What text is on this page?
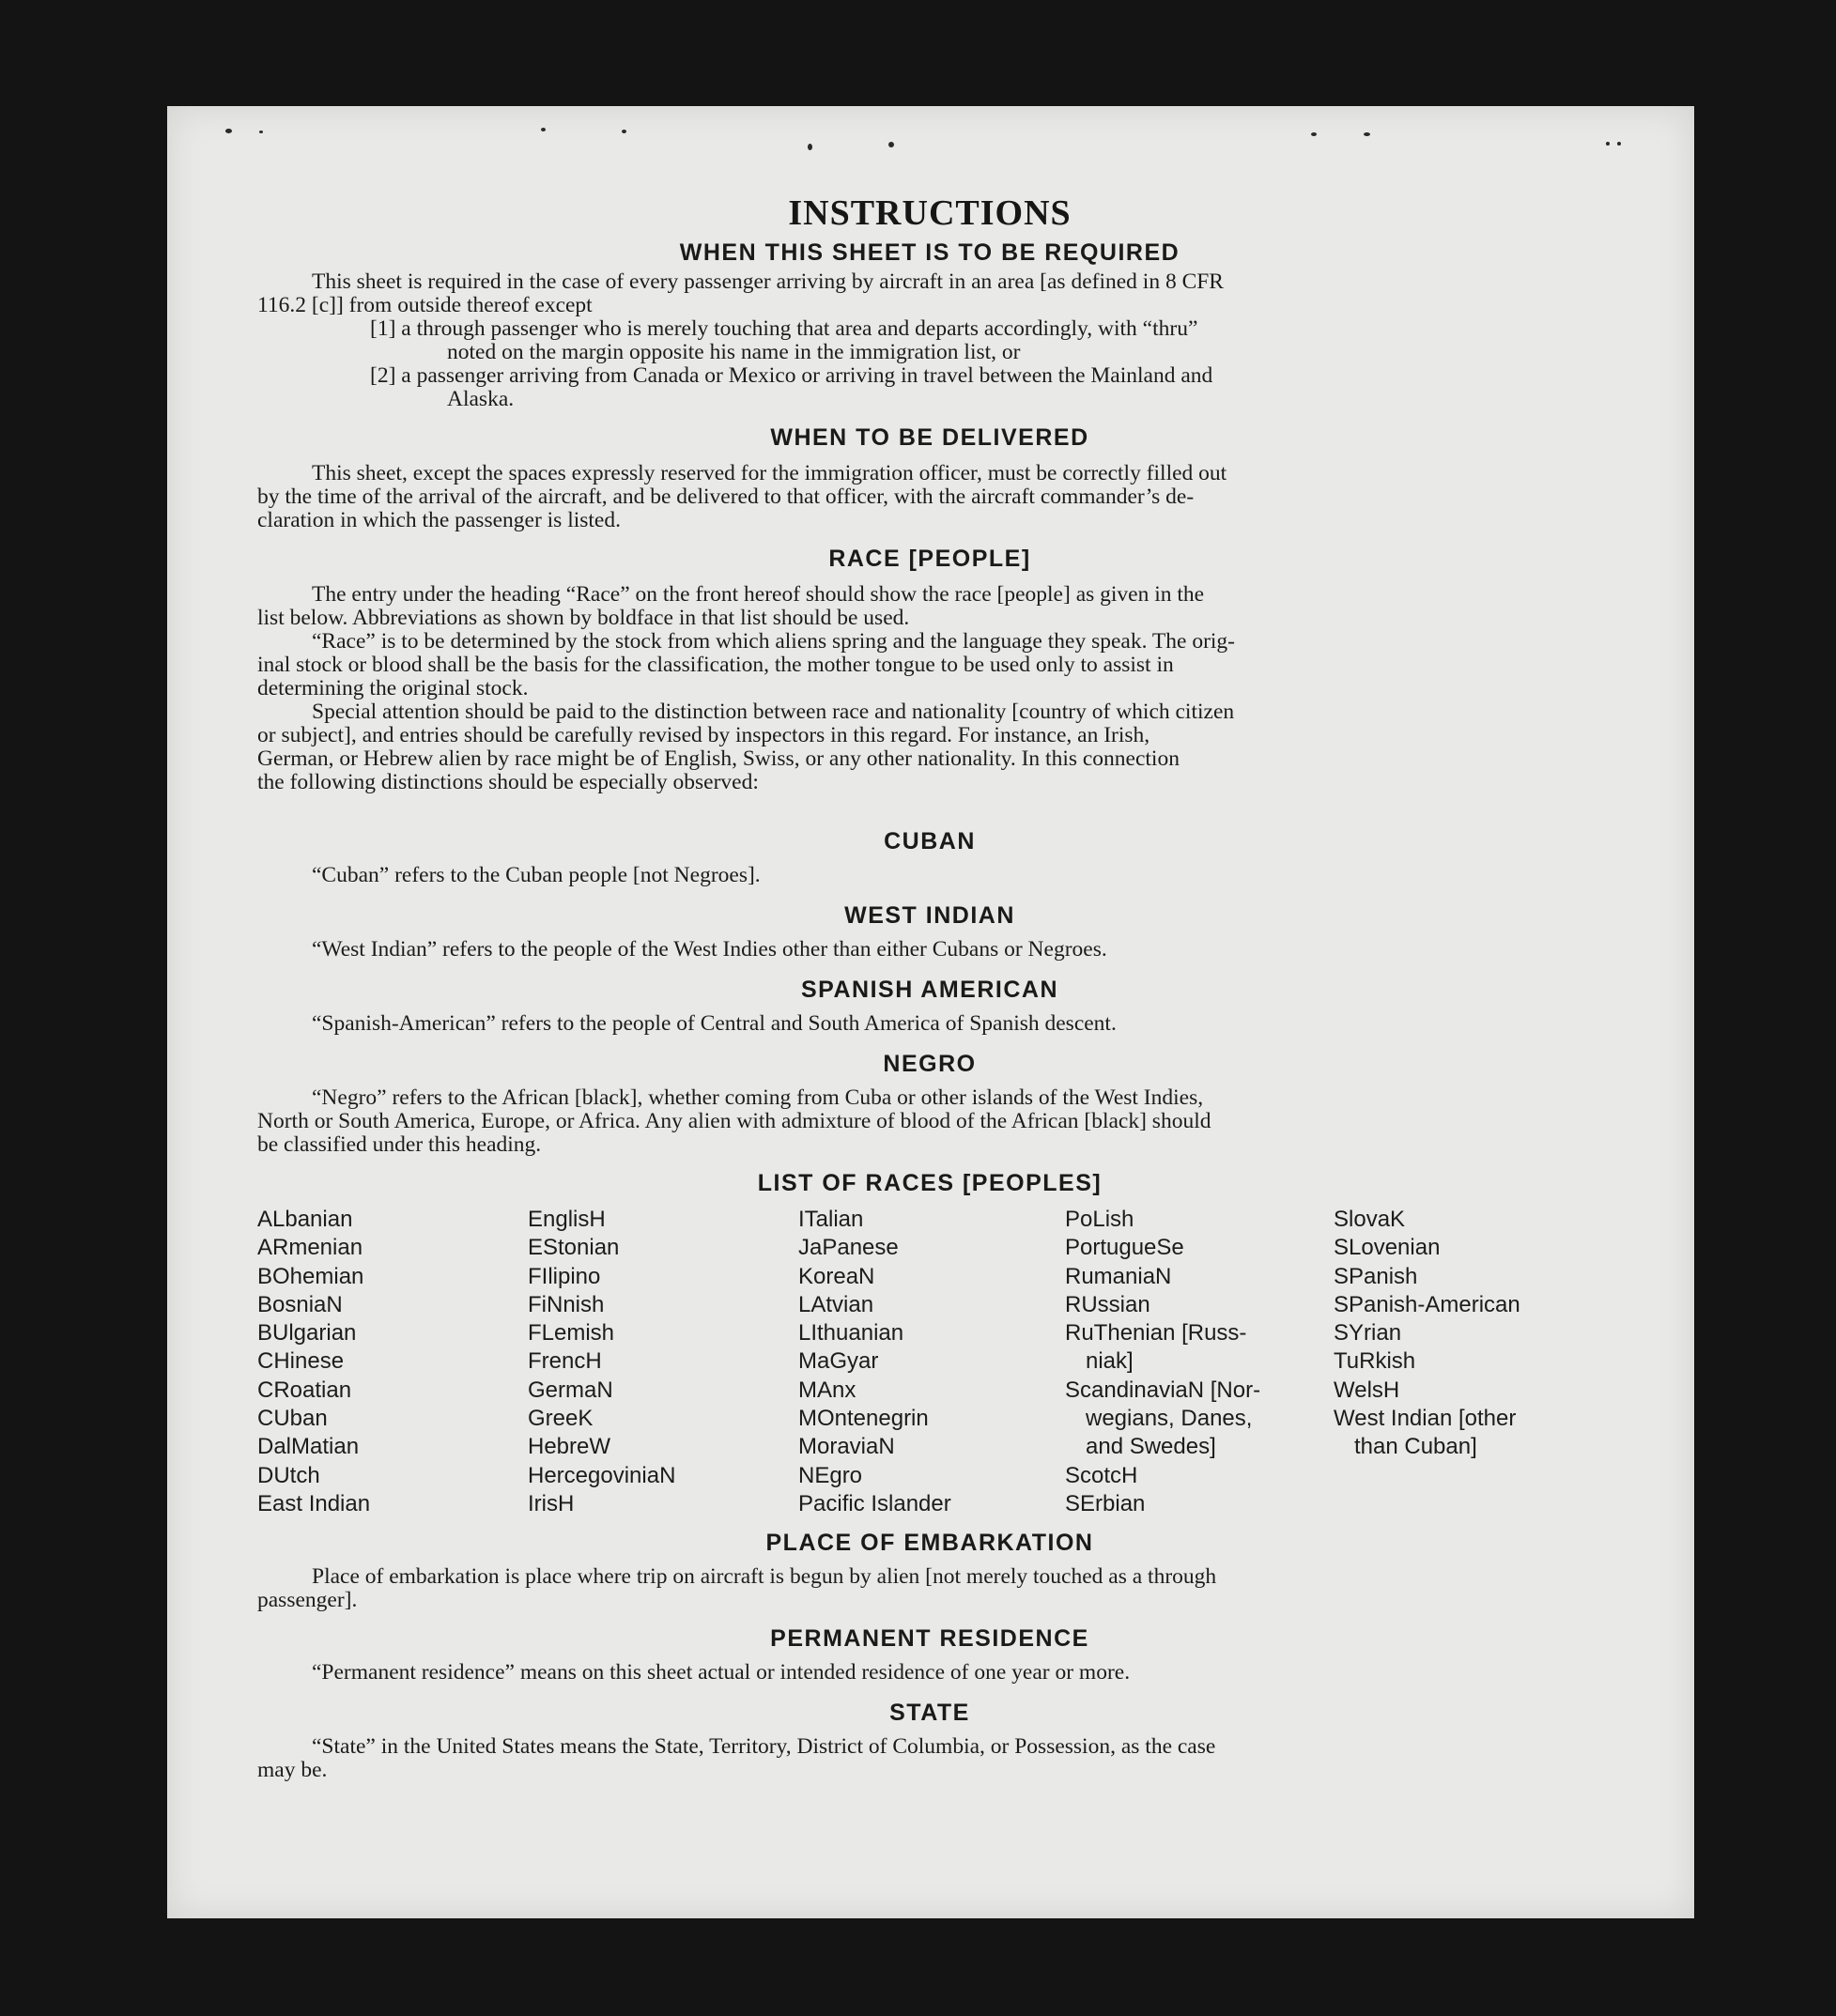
INSTRUCTIONS
WHEN THIS SHEET IS TO BE REQUIRED
This sheet is required in the case of every passenger arriving by aircraft in an area [as defined in 8 CFR
116.2 [c]] from outside thereof except
[1] a through passenger who is merely touching that area and departs accordingly, with “thru”
noted on the margin opposite his name in the immigration list, or
[2] a passenger arriving from Canada or Mexico or arriving in travel between the Mainland and
Alaska.
WHEN TO BE DELIVERED
This sheet, except the spaces expressly reserved for the immigration officer, must be correctly filled out
by the time of the arrival of the aircraft, and be delivered to that officer, with the aircraft commander’s de-
claration in which the passenger is listed.
RACE [PEOPLE]
The entry under the heading “Race” on the front hereof should show the race [people] as given in the
list below. Abbreviations as shown by boldface in that list should be used.
“Race” is to be determined by the stock from which aliens spring and the language they speak. The orig-
inal stock or blood shall be the basis for the classification, the mother tongue to be used only to assist in
determining the original stock.
Special attention should be paid to the distinction between race and nationality [country of which citizen
or subject], and entries should be carefully revised by inspectors in this regard. For instance, an Irish,
German, or Hebrew alien by race might be of English, Swiss, or any other nationality. In this connection
the following distinctions should be especially observed:
CUBAN
“Cuban” refers to the Cuban people [not Negroes].
WEST INDIAN
“West Indian” refers to the people of the West Indies other than either Cubans or Negroes.
SPANISH AMERICAN
“Spanish-American” refers to the people of Central and South America of Spanish descent.
NEGRO
“Negro” refers to the African [black], whether coming from Cuba or other islands of the West Indies,
North or South America, Europe, or Africa. Any alien with admixture of blood of the African [black] should
be classified under this heading.
LIST OF RACES [PEOPLES]
ALbanian
ARmenian
BOhemian
BosniaN
BUlgarian
CHinese
CRoatian
CUban
DalMatian
DUtch
East Indian
EnglisH
EStonian
FIlipino
FiNnish
FLemish
FrencH
GermaN
GreeK
HebreW
HercegoviniaN
IrisH
ITalian
JaPanese
KoreaN
LAtvian
LIthuanian
MaGyar
MAnx
MOntenegrin
MoraviaN
NEgro
Pacific Islander
PoLish
PortugueSe
RumaniaN
RUssian
RuThenian [Russ-
niak]
ScandinaviaN [Nor-
wegians, Danes,
and Swedes]
ScotcH
SErbian
SlovaK
SLovenian
SPanish
SPanish-American
SYrian
TuRkish
WelsH
West Indian [other
than Cuban]
PLACE OF EMBARKATION
Place of embarkation is place where trip on aircraft is begun by alien [not merely touched as a through
passenger].
PERMANENT RESIDENCE
“Permanent residence” means on this sheet actual or intended residence of one year or more.
STATE
“State” in the United States means the State, Territory, District of Columbia, or Possession, as the case
may be.
